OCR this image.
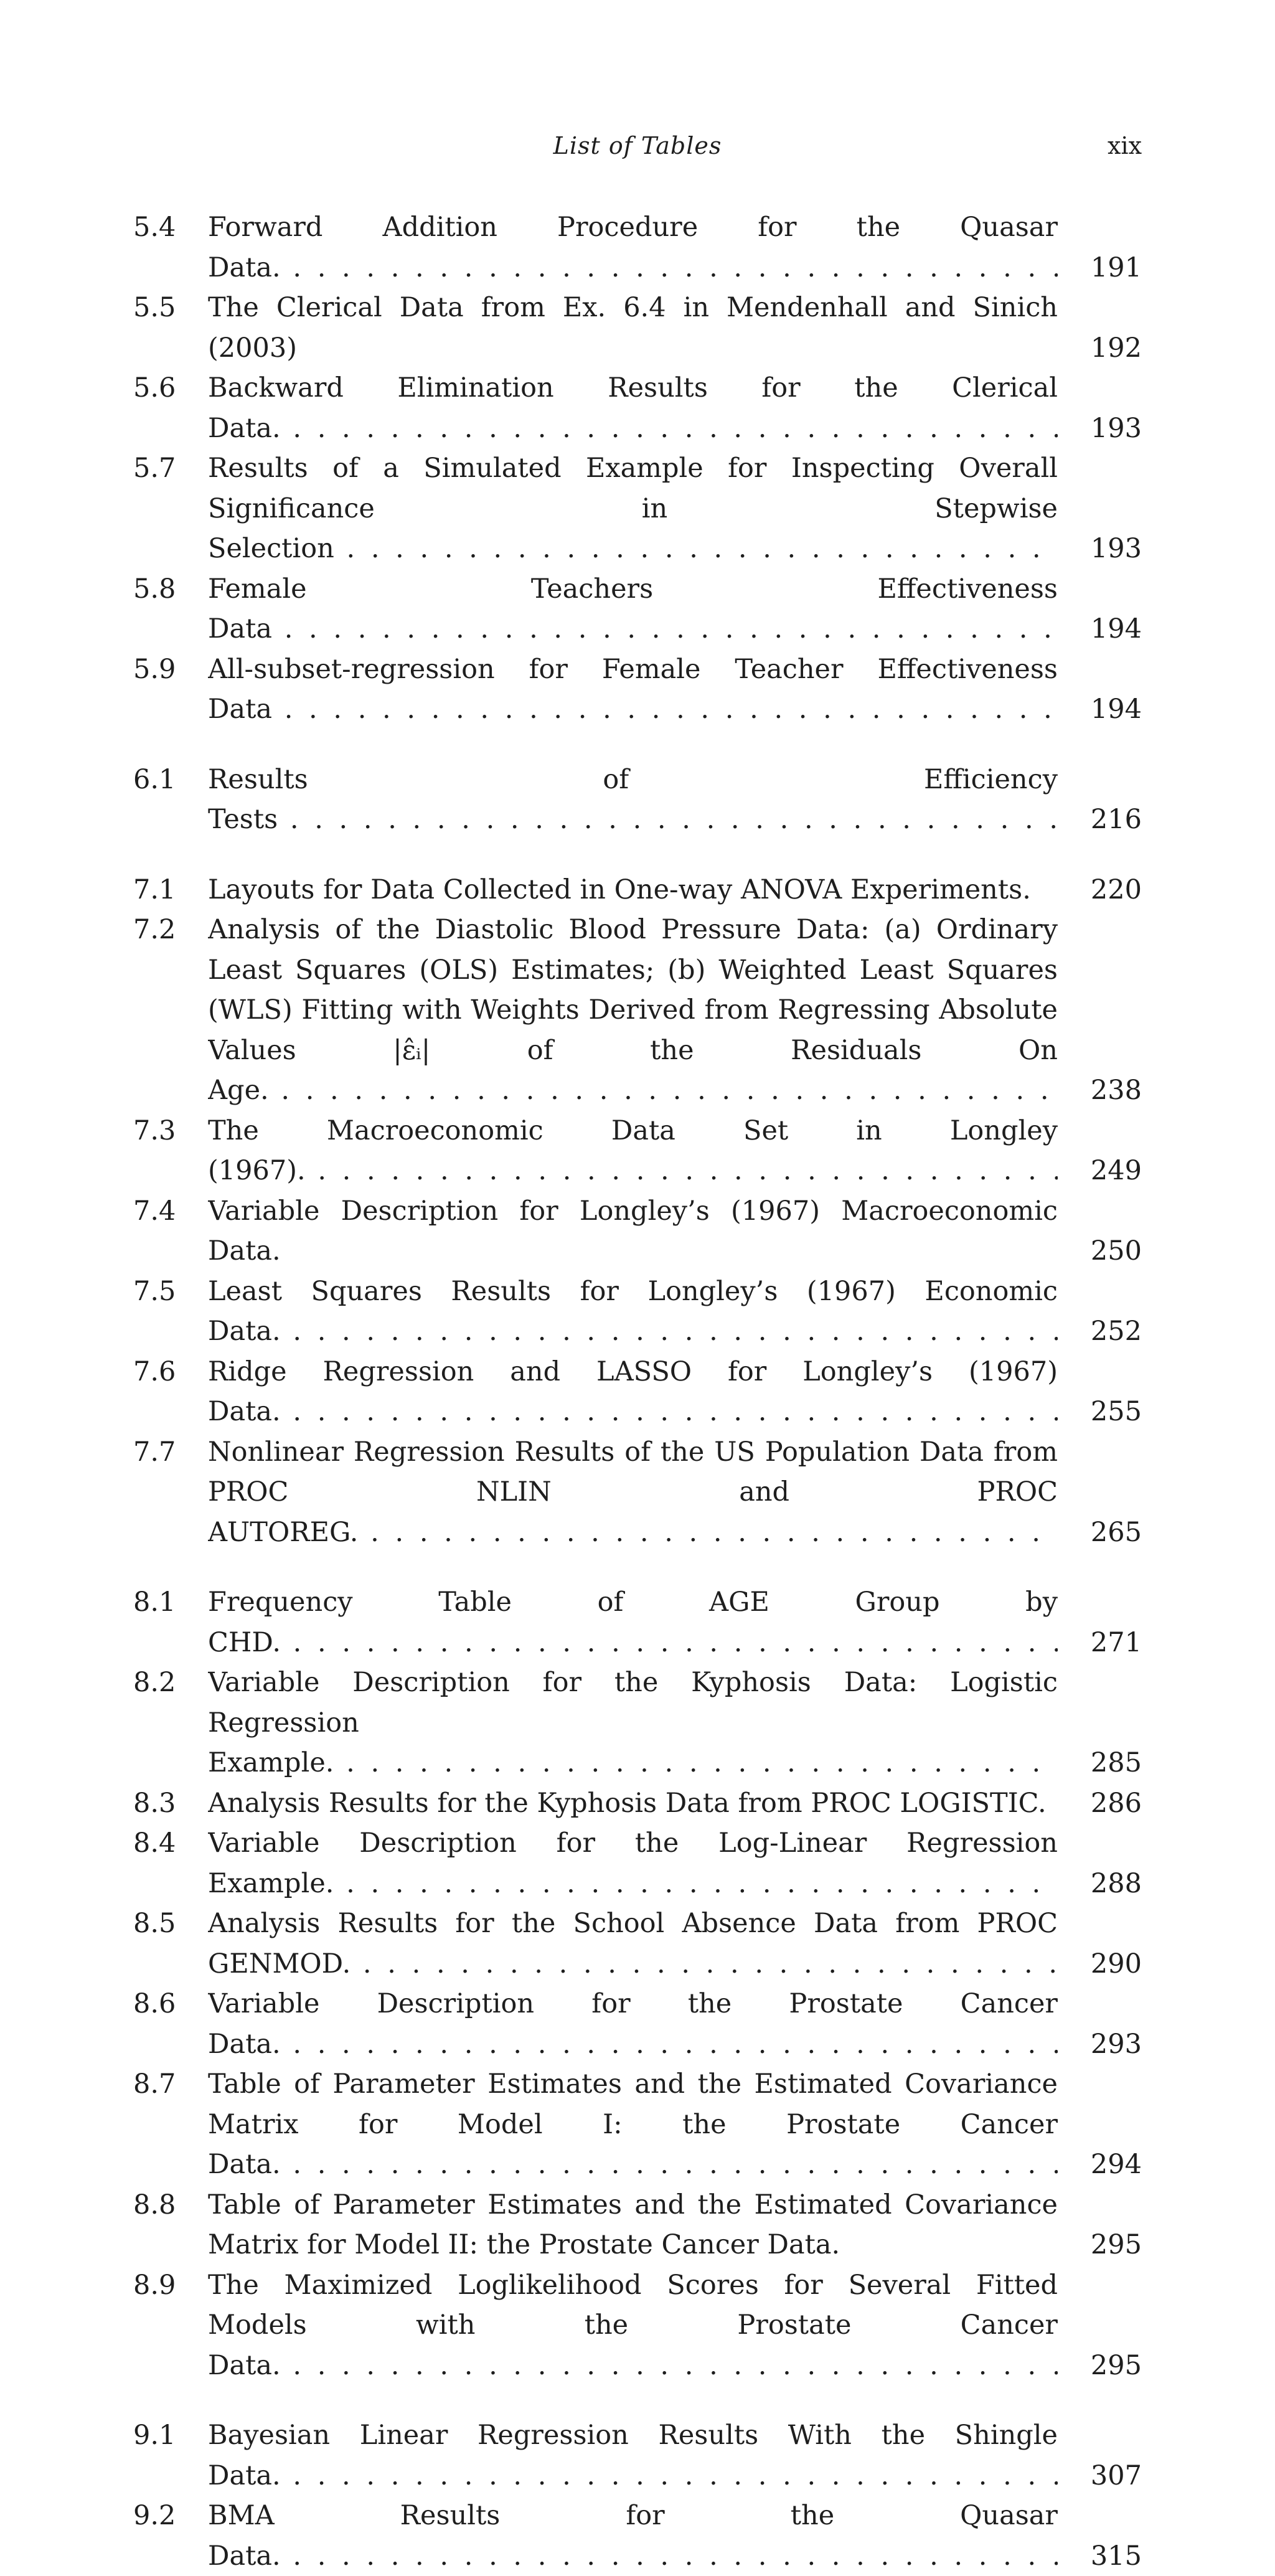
List of Tables	xix
5.4 Forward Addition Procedure for the Quasar Data. . . .	191
5.5 The Clerical Data from Ex. 6.4 in Mendenhall and Sinich (2003)	192
5.6 Backward Elimination Results for the Clerical Data. . . .	193
5.7 Results of a Simulated Example for Inspecting Overall Significance in Stepwise Selection . . .	193
5.8 Female Teachers Effectiveness Data . . .	194
5.9 All-subset-regression for Female Teacher Effectiveness Data . . .	194
6.1 Results of Efficiency Tests . . .	216
7.1 Layouts for Data Collected in One-way ANOVA Experiments.	220
7.2 Analysis of the Diastolic Blood Pressure Data: (a) Ordinary Least Squares (OLS) Estimates; (b) Weighted Least Squares (WLS) Fitting with Weights Derived from Regressing Absolute Values |ε̂ᵢ| of the Residuals On Age. . . .	238
7.3 The Macroeconomic Data Set in Longley (1967). . . .	249
7.4 Variable Description for Longley’s (1967) Macroeconomic Data.	250
7.5 Least Squares Results for Longley’s (1967) Economic Data. . . .	252
7.6 Ridge Regression and LASSO for Longley’s (1967) Data. . . .	255
7.7 Nonlinear Regression Results of the US Population Data from PROC NLIN and PROC AUTOREG. . . .	265
8.1 Frequency Table of AGE Group by CHD. . . .	271
8.2 Variable Description for the Kyphosis Data: Logistic Regression Example. . . .	285
8.3 Analysis Results for the Kyphosis Data from PROC LOGISTIC.	286
8.4 Variable Description for the Log-Linear Regression Example. . . .	288
8.5 Analysis Results for the School Absence Data from PROC GENMOD. . . .	290
8.6 Variable Description for the Prostate Cancer Data. . . .	293
8.7 Table of Parameter Estimates and the Estimated Covariance Matrix for Model I: the Prostate Cancer Data. . . .	294
8.8 Table of Parameter Estimates and the Estimated Covariance Matrix for Model II: the Prostate Cancer Data.	295
8.9 The Maximized Loglikelihood Scores for Several Fitted Models with the Prostate Cancer Data. . . .	295
9.1 Bayesian Linear Regression Results With the Shingle Data. . . .	307
9.2 BMA Results for the Quasar Data. . . .	315
